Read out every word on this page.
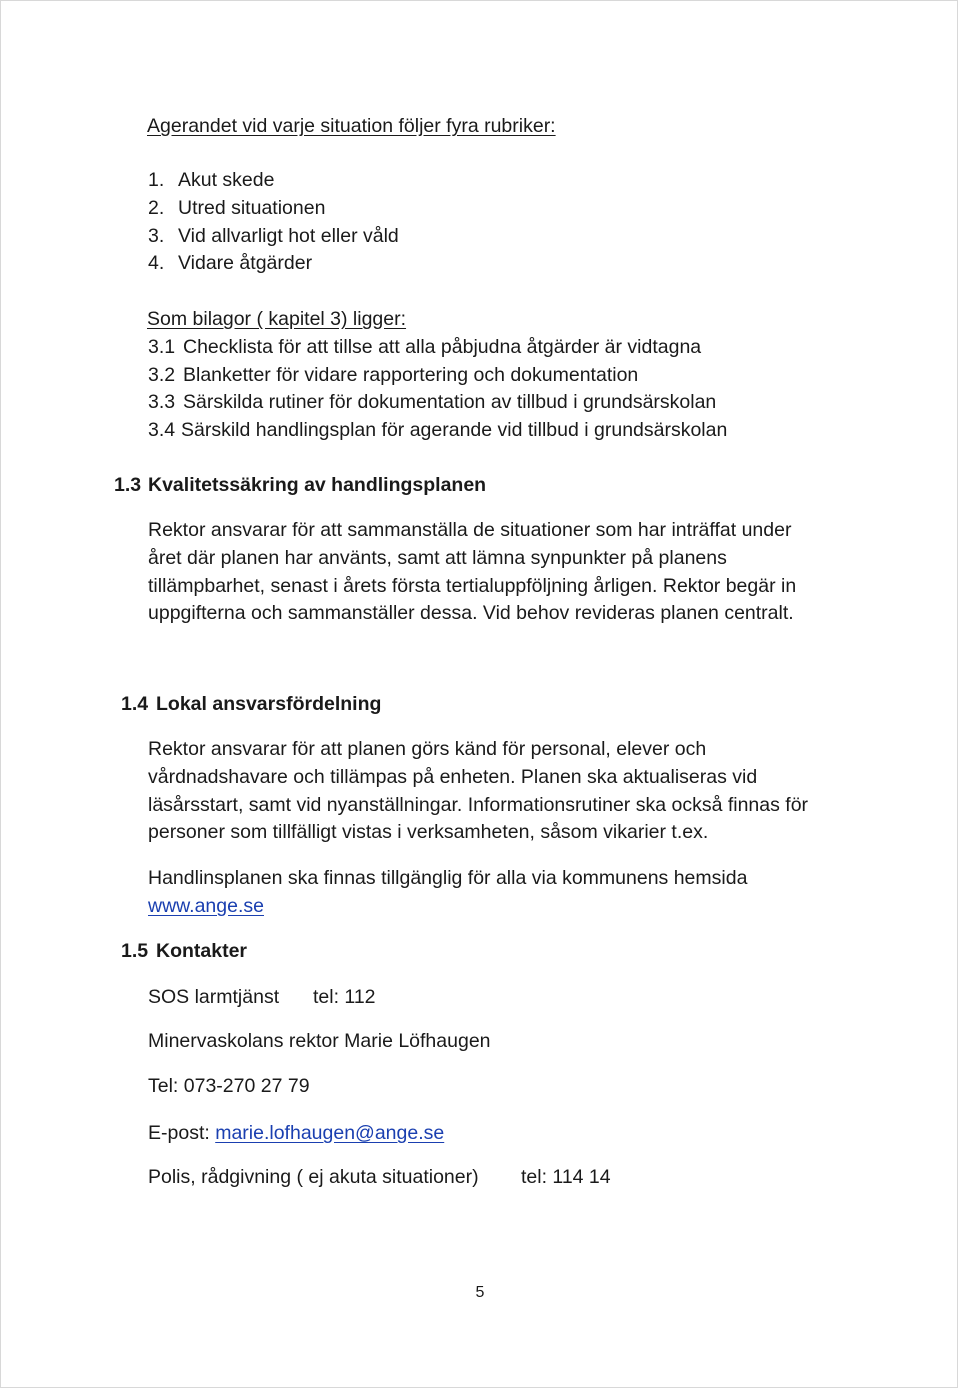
Agerandet vid varje situation följer fyra rubriker:
1. Akut skede
2. Utred situationen
3. Vid allvarligt hot eller våld
4. Vidare åtgärder
Som bilagor ( kapitel 3) ligger:
3.1 Checklista för att tillse att alla påbjudna åtgärder är vidtagna
3.2 Blanketter för vidare rapportering och dokumentation
3.3 Särskilda rutiner för dokumentation av tillbud i grundsärskolan
3.4 Särskild handlingsplan för agerande vid tillbud i grundsärskolan
1.3 Kvalitetssäkring av handlingsplanen
Rektor ansvarar för att sammanställa de situationer som har inträffat under
året där planen har använts, samt att lämna synpunkter på planens
tillämpbarhet, senast i årets första tertialuppföljning årligen. Rektor begär in
uppgifterna och sammanställer dessa. Vid behov revideras planen centralt.
1.4 Lokal ansvarsfördelning
Rektor ansvarar för att planen görs känd för personal, elever och
vårdnadshavare och tillämpas på enheten. Planen ska aktualiseras vid
läsårsstart, samt vid nyanställningar. Informationsrutiner ska också finnas för
personer som tillfälligt vistas i verksamheten, såsom vikarier t.ex.
Handlinsplanen ska finnas tillgänglig för alla via kommunens hemsida
www.ange.se
1.5 Kontakter
SOS larmtjänst tel: 112
Minervaskolans rektor Marie Löfhaugen
Tel: 073-270 27 79
E-post: marie.lofhaugen@ange.se
Polis, rådgivning ( ej akuta situationer) tel: 114 14
5
